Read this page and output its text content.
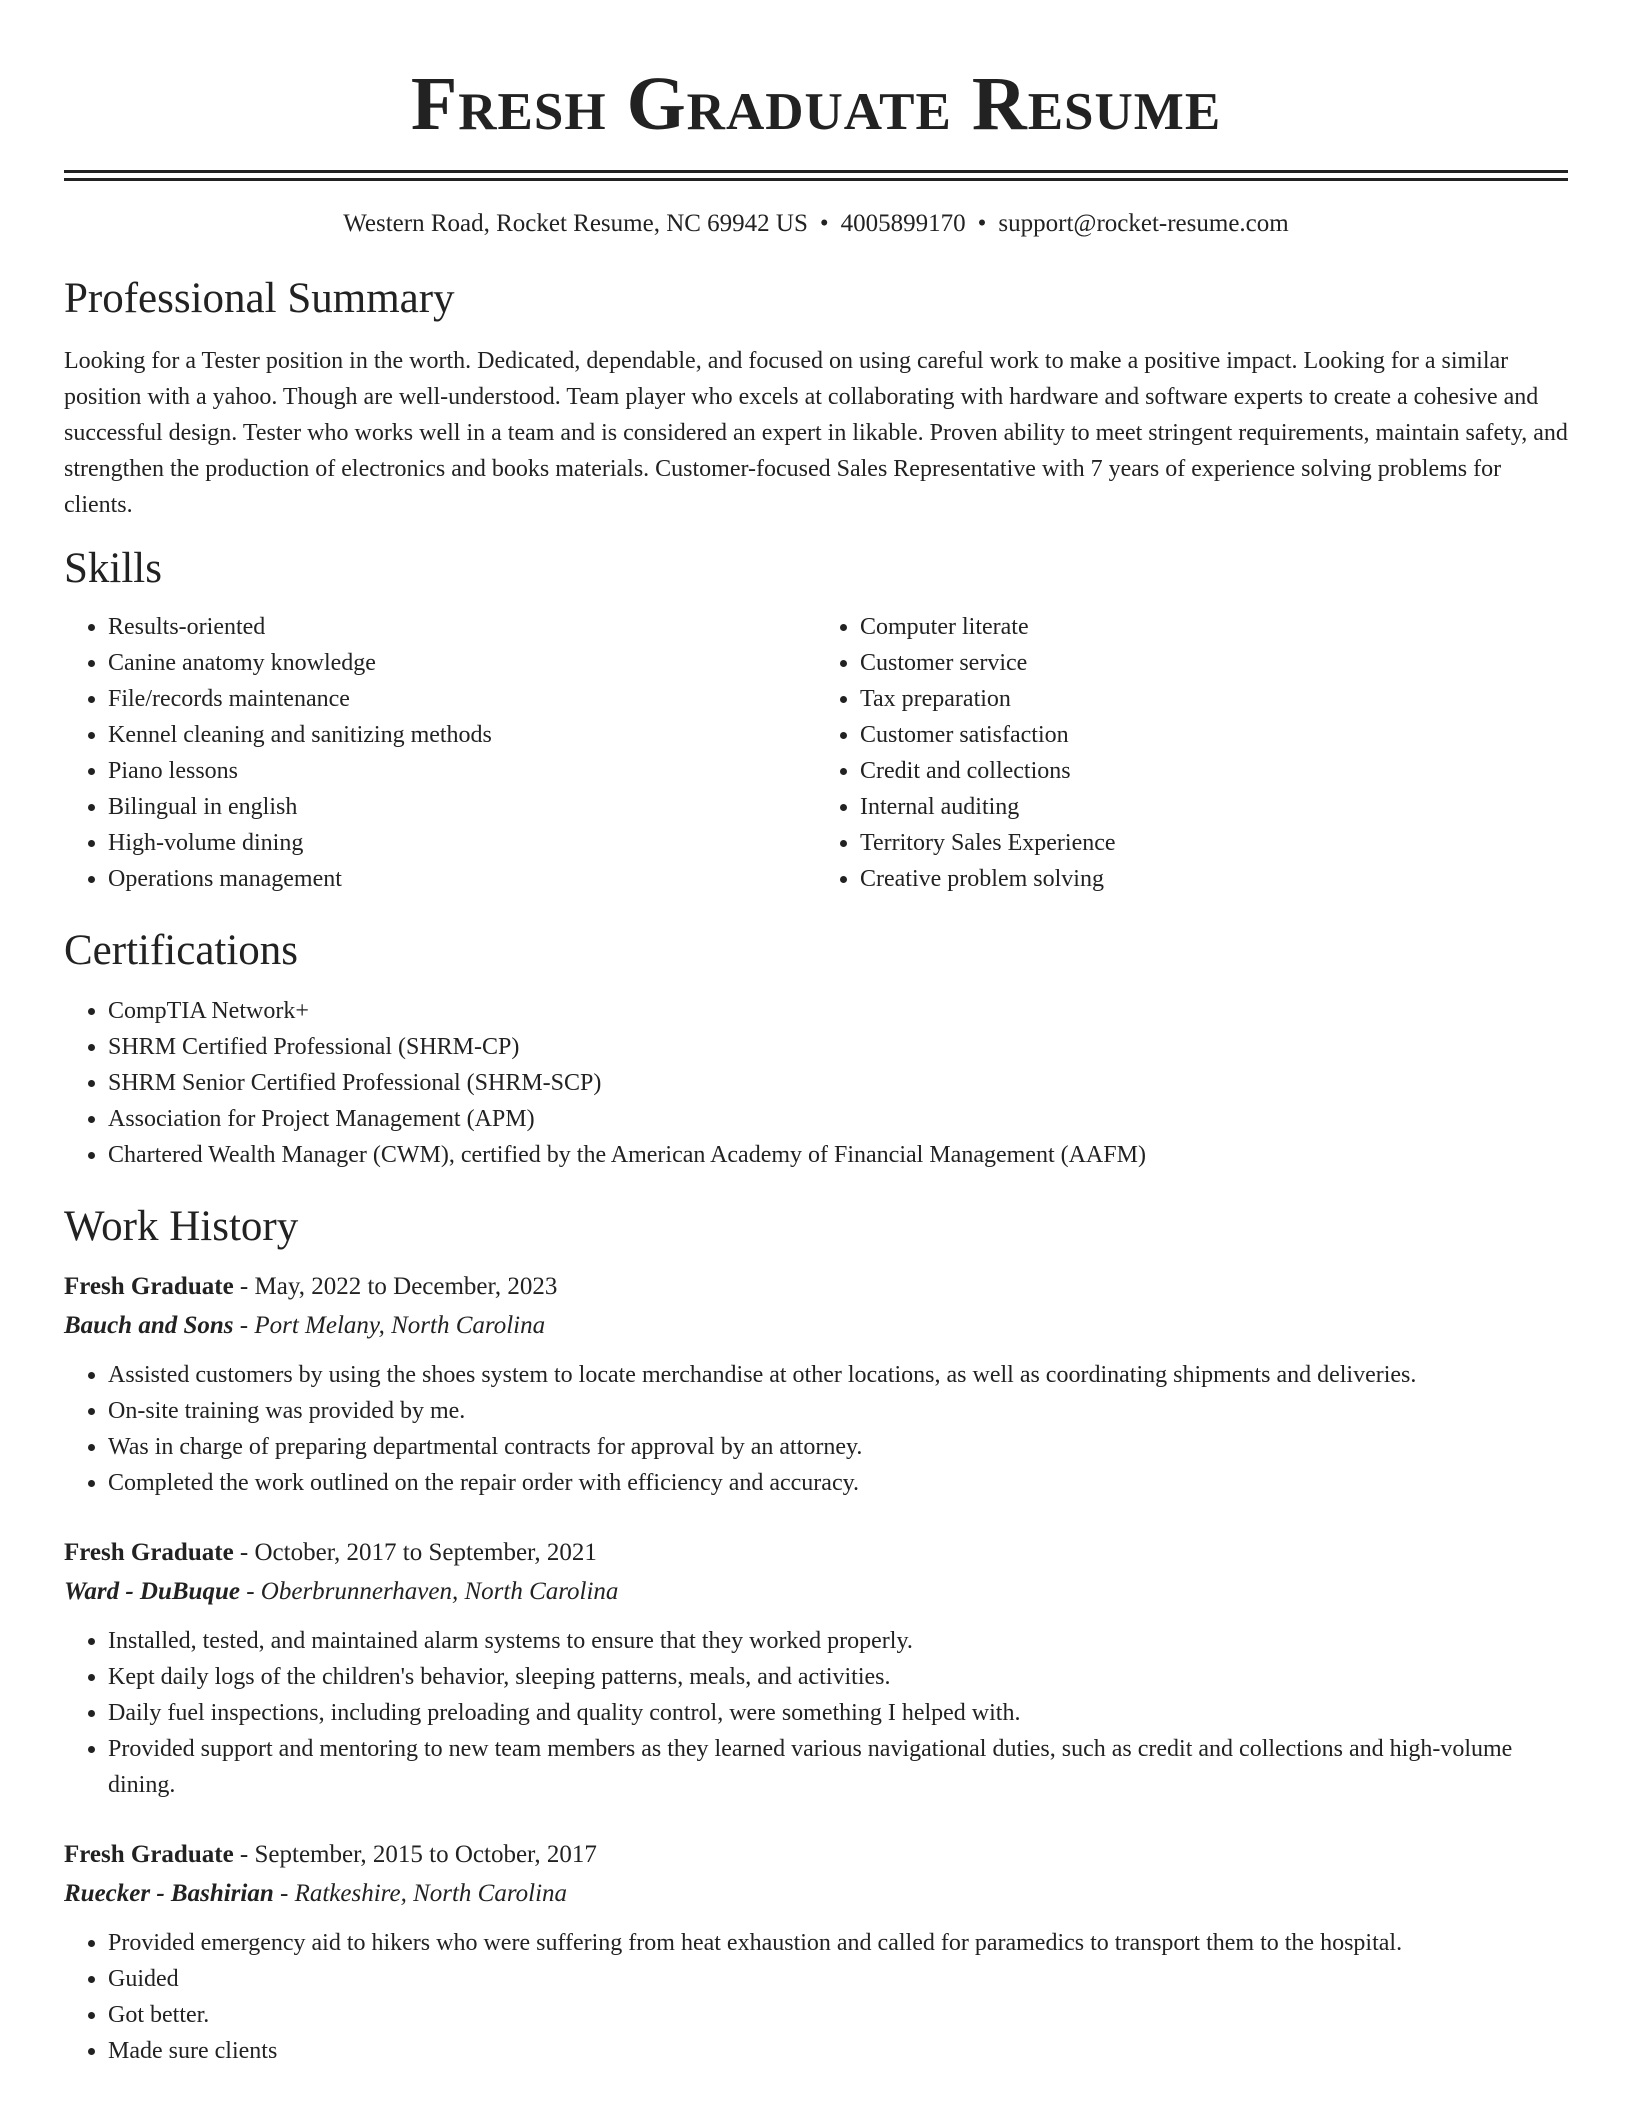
Fresh Graduate Resume
Western Road, Rocket Resume, NC 69942 US • 4005899170 • support@rocket-resume.com
Professional Summary

Looking for a Tester position in the worth. Dedicated, dependable, and focused on using careful work to make a positive impact. Looking for a similar position with a yahoo. Though are well-understood. Team player who excels at collaborating with hardware and software experts to create a cohesive and successful design. Tester who works well in a team and is considered an expert in likable. Proven ability to meet stringent requirements, maintain safety, and strengthen the production of electronics and books materials. Customer-focused Sales Representative with 7 years of experience solving problems for clients.

Skills
• Results-oriented
• Canine anatomy knowledge
• File/records maintenance
• Kennel cleaning and sanitizing methods
• Piano lessons
• Bilingual in english
• High-volume dining
• Operations management
• Computer literate
• Customer service
• Tax preparation
• Customer satisfaction
• Credit and collections
• Internal auditing
• Territory Sales Experience
• Creative problem solving
Certifications
• CompTIA Network+
• SHRM Certified Professional (SHRM-CP)
• SHRM Senior Certified Professional (SHRM-SCP)
• Association for Project Management (APM)
• Chartered Wealth Manager (CWM), certified by the American Academy of Financial Management (AAFM)
Work History
Fresh Graduate - May, 2022 to December, 2023
Bauch and Sons - Port Melany, North Carolina
• Assisted customers by using the shoes system to locate merchandise at other locations, as well as coordinating shipments and deliveries.
• On-site training was provided by me.
• Was in charge of preparing departmental contracts for approval by an attorney.
• Completed the work outlined on the repair order with efficiency and accuracy.
Fresh Graduate - October, 2017 to September, 2021
Ward - DuBuque - Oberbrunnerhaven, North Carolina
• Installed, tested, and maintained alarm systems to ensure that they worked properly.
• Kept daily logs of the children's behavior, sleeping patterns, meals, and activities.
• Daily fuel inspections, including preloading and quality control, were something I helped with.
• Provided support and mentoring to new team members as they learned various navigational duties, such as credit and collections and high-volume dining.
Fresh Graduate - September, 2015 to October, 2017
Ruecker - Bashirian - Ratkeshire, North Carolina
• Provided emergency aid to hikers who were suffering from heat exhaustion and called for paramedics to transport them to the hospital.
• Guided
• Got better.
• Made sure clients
